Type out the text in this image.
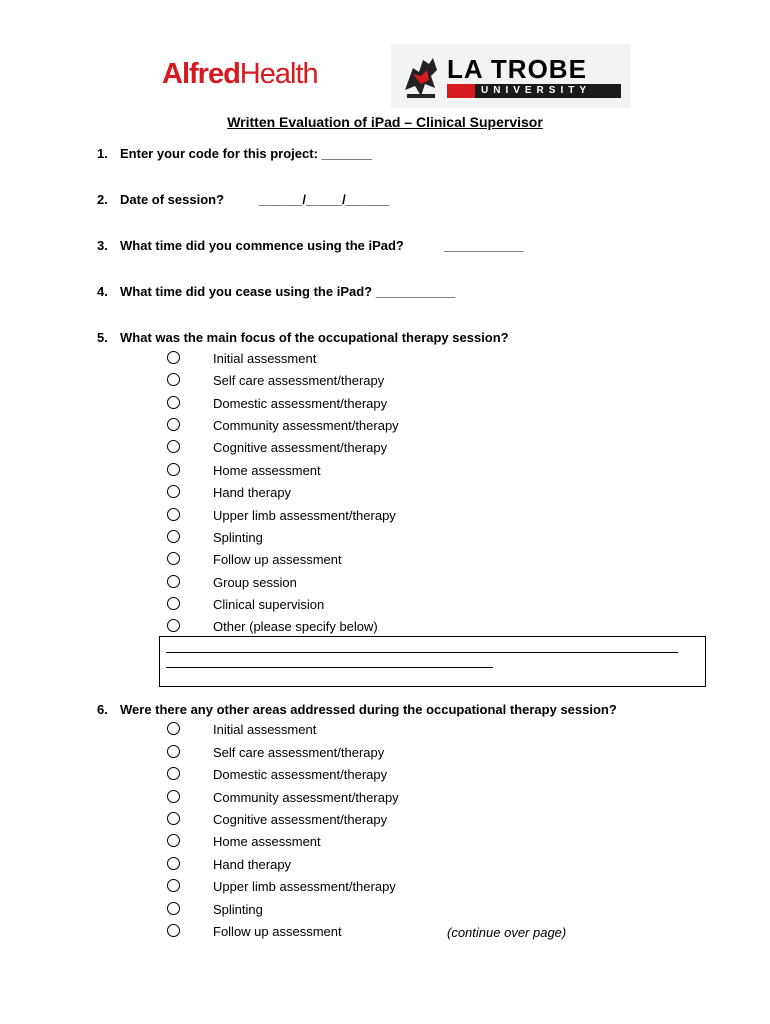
AlfredHealth	LA TROBE
UNIVERSITY
Written Evaluation of iPad – Clinical Supervisor
1. Enter your code for this project: _______
2. Date of session?	______/_____/______
3. What time did you commence using the iPad?	___________
4. What time did you cease using the iPad? ___________
5. What was the main focus of the occupational therapy session?
Initial assessment
Self care assessment/therapy
Domestic assessment/therapy
Community assessment/therapy
Cognitive assessment/therapy
Home assessment
Hand therapy
Upper limb assessment/therapy
Splinting
Follow up assessment
Group session
Clinical supervision
Other (please specify below)
6. Were there any other areas addressed during the occupational therapy session?
Initial assessment
Self care assessment/therapy
Domestic assessment/therapy
Community assessment/therapy
Cognitive assessment/therapy
Home assessment
Hand therapy
Upper limb assessment/therapy
Splinting
Follow up assessment	(continue over page)
